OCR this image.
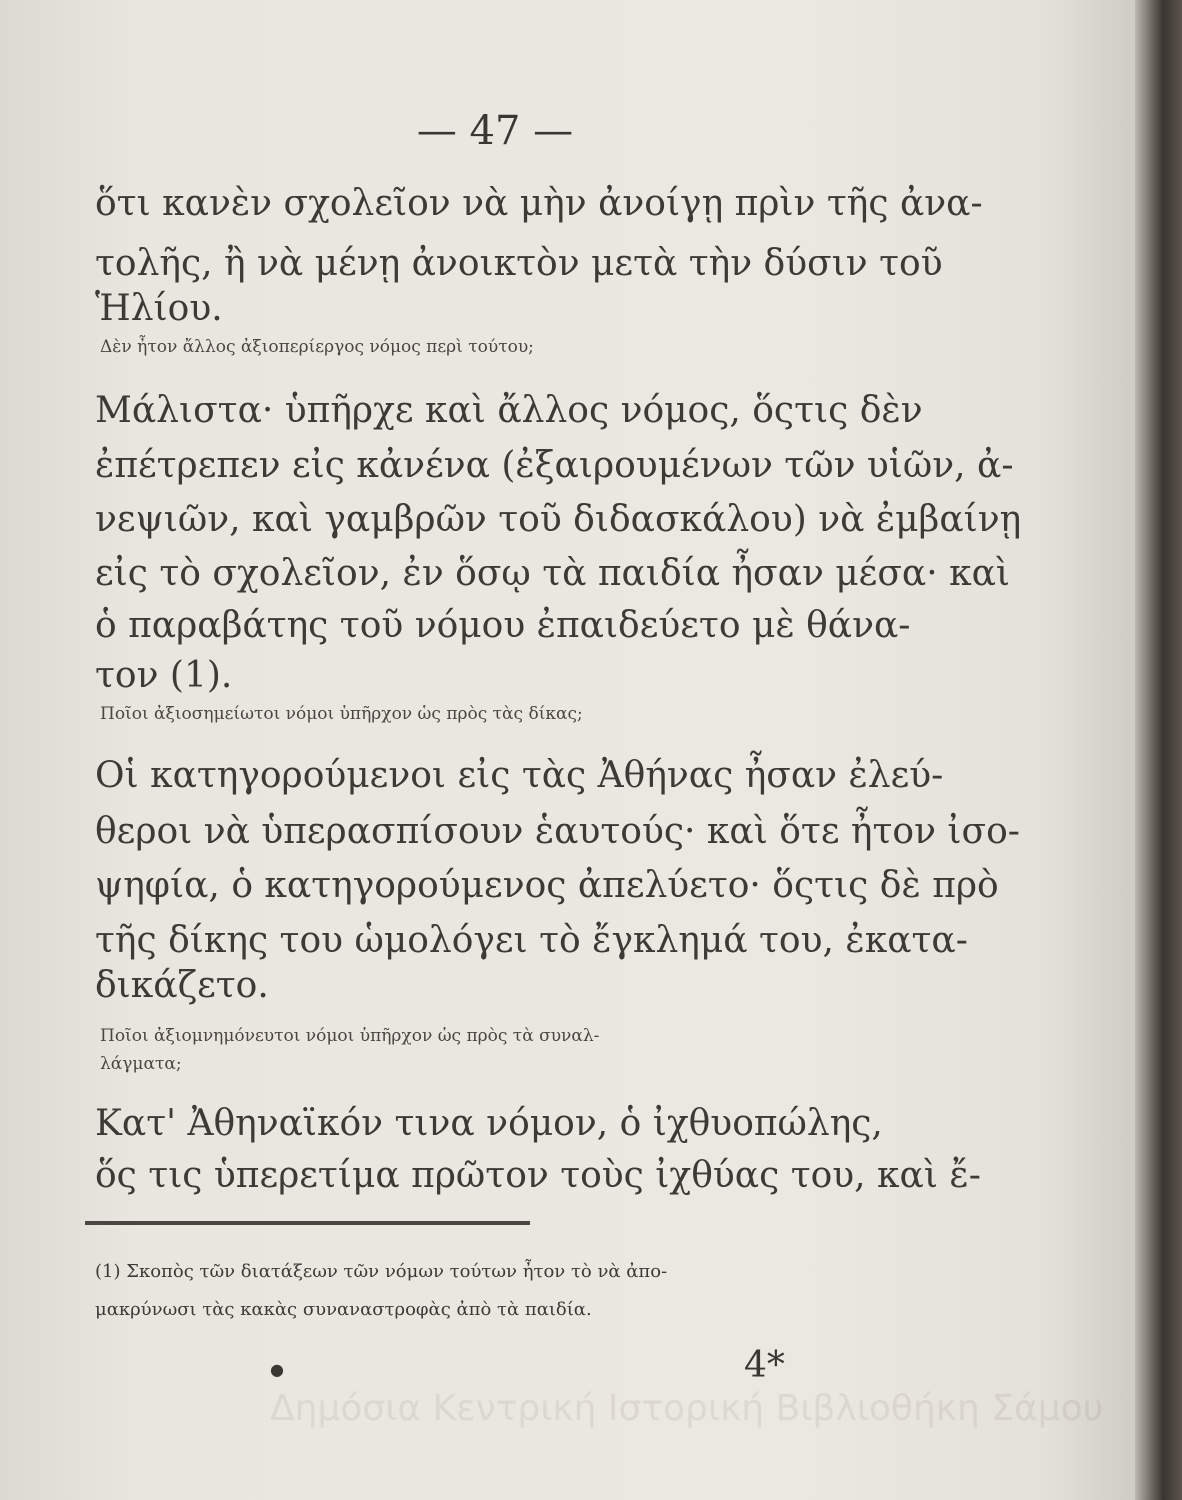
— 47 —
ὅτι κανὲν σχολεῖον νὰ μὴν ἀνοίγῃ πρὶν τῆς ἀνα-
τολῆς, ἢ νὰ μένῃ ἀνοικτὸν μετὰ τὴν δύσιν τοῦ
Ἡλίου.
Δὲν ἦτον ἄλλος ἀξιοπερίεργος νόμος περὶ τούτου;
Μάλιστα· ὑπῆρχε καὶ ἄλλος νόμος, ὅςτις δὲν
ἐπέτρεπεν εἰς κἀνένα (ἐξαιρουμένων τῶν υἱῶν, ἀ-
νεψιῶν, καὶ γαμβρῶν τοῦ διδασκάλου) νὰ ἐμβαίνῃ
εἰς τὸ σχολεῖον, ἐν ὅσῳ τὰ παιδία ἦσαν μέσα· καὶ
ὁ παραβάτης τοῦ νόμου ἐπαιδεύετο μὲ θάνα-
τον (1).
Ποῖοι ἀξιοσημείωτοι νόμοι ὑπῆρχον ὡς πρὸς τὰς δίκας;
Οἱ κατηγορούμενοι εἰς τὰς Ἀθήνας ἦσαν ἐλεύ-
θεροι νὰ ὑπερασπίσουν ἑαυτούς· καὶ ὅτε ἦτον ἰσο-
ψηφία, ὁ κατηγορούμενος ἀπελύετο· ὅςτις δὲ πρὸ
τῆς δίκης του ὡμολόγει τὸ ἔγκλημά του, ἐκατα-
δικάζετο.
Ποῖοι ἀξιομνημόνευτοι νόμοι ὑπῆρχον ὡς πρὸς τὰ συναλ-
λάγματα;
Κατ' Ἀθηναϊκόν τινα νόμον, ὁ ἰχθυοπώλης,
ὅς τις ὑπερετίμα πρῶτον τοὺς ἰχθύας του, καὶ ἔ-
(1) Σκοπὸς τῶν διατάξεων τῶν νόμων τούτων ἦτον τὸ νὰ ἀπο-
μακρύνωσι τὰς κακὰς συναναστροφὰς ἀπὸ τὰ παιδία.
●	4*
Δημόσια Κεντρική Ιστορική Βιβλιοθήκη Σάμου
